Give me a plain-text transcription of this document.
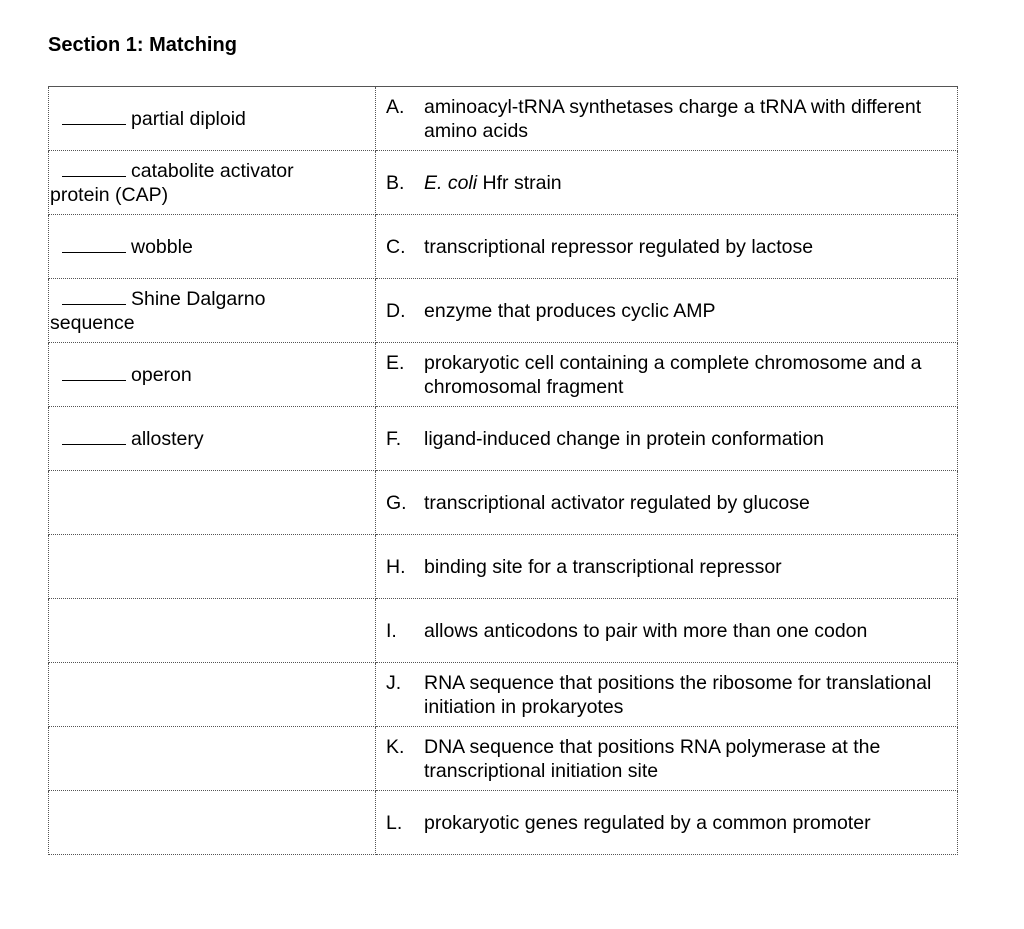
Section 1: Matching
partial diploid	A. aminoacyl-tRNA synthetases charge a tRNA with different amino acids

catabolite activator
protein (CAP)	B. E. coli Hfr strain

wobble	C. transcriptional repressor regulated by lactose

Shine Dalgarno
sequence	D. enzyme that produces cyclic AMP

operon	E. prokaryotic cell containing a complete chromosome and a chromosomal fragment

allostery	F. ligand-induced change in protein conformation

	G. transcriptional activator regulated by glucose

	H. binding site for a transcriptional repressor

	I. allows anticodons to pair with more than one codon

	J. RNA sequence that positions the ribosome for translational initiation in prokaryotes

	K. DNA sequence that positions RNA polymerase at the transcriptional initiation site

	L. prokaryotic genes regulated by a common promoter
